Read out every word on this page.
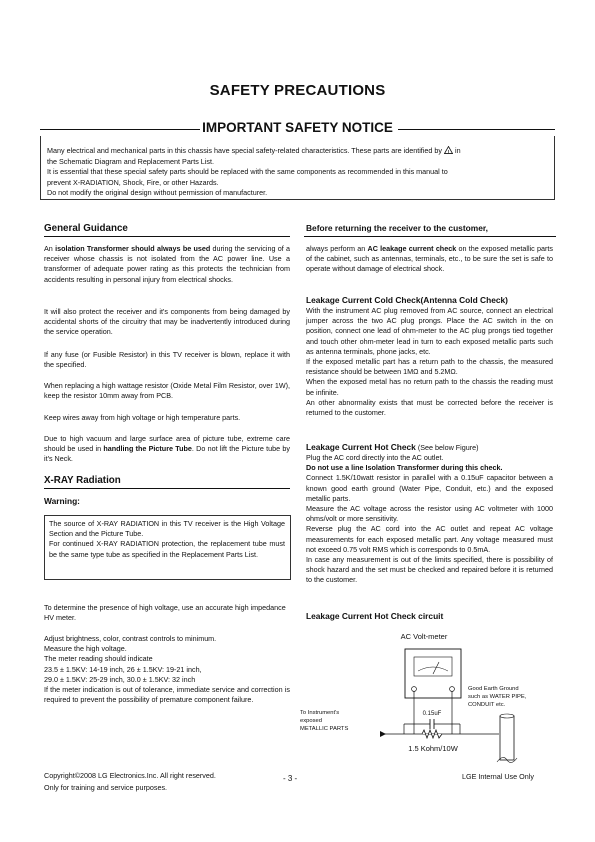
SAFETY PRECAUTIONS
IMPORTANT SAFETY NOTICE
Many electrical and mechanical parts in this chassis have special safety-related characteristics. These parts are identified by ! in
the Schematic Diagram and Replacement Parts List.
It is essential that these special safety parts should be replaced with the same components as recommended in this manual to
prevent X-RADIATION, Shock, Fire, or other Hazards.
Do not modify the original design without permission of manufacturer.
General Guidance

An isolation Transformer should always be used during the servicing of a receiver whose chassis is not isolated from the AC power line. Use a transformer of adequate power rating as this protects the technician from accidents resulting in personal injury from electrical shocks.

It will also protect the receiver and it's components from being damaged by accidental shorts of the circuitry that may be inadvertently introduced during the service operation.
If any fuse (or Fusible Resistor) in this TV receiver is blown, replace it with the specified.
When replacing a high wattage resistor (Oxide Metal Film Resistor, over 1W), keep the resistor 10mm away from PCB.
Keep wires away from high voltage or high temperature parts.
Due to high vacuum and large surface area of picture tube, extreme care should be used in handling the Picture Tube. Do not lift the Picture tube by it's Neck.
X-RAY Radiation
Warning:

The source of X-RAY RADIATION in this TV receiver is the High Voltage Section and the Picture Tube.

For continued X-RAY RADIATION protection, the replacement tube must be the same type tube as specified in the Replacement Parts List.

To determine the presence of high voltage, use an accurate high impedance HV meter.
Adjust brightness, color, contrast controls to minimum.
Measure the high voltage.
The meter reading should indicate
23.5 ± 1.5KV: 14-19 inch, 26 ± 1.5KV: 19-21 inch,
29.0 ± 1.5KV: 25-29 inch, 30.0 ± 1.5KV: 32 inch
If the meter indication is out of tolerance, immediate service and correction is required to prevent the possibility of premature component failure.
Before returning the receiver to the customer,
always perform an AC leakage current check on the exposed metallic parts of the cabinet, such as antennas, terminals, etc., to be sure the set is safe to operate without damage of electrical shock.
Leakage Current Cold Check(Antenna Cold Check)

With the instrument AC plug removed from AC source, connect an electrical jumper across the two AC plug prongs. Place the AC switch in the on position, connect one lead of ohm-meter to the AC plug prongs tied together and touch other ohm-meter lead in turn to each exposed metallic parts such as antenna terminals, phone jacks, etc.

If the exposed metallic part has a return path to the chassis, the measured resistance should be between 1MΩ and 5.2MΩ.

When the exposed metal has no return path to the chassis the reading must be infinite.

An other abnormality exists that must be corrected before the receiver is returned to the customer.

Leakage Current Hot Check (See below Figure)

Plug the AC cord directly into the AC outlet.

Do not use a line Isolation Transformer during this check.

Connect 1.5K/10watt resistor in parallel with a 0.15uF capacitor between a known good earth ground (Water Pipe, Conduit, etc.) and the exposed metallic parts.

Measure the AC voltage across the resistor using AC voltmeter with 1000 ohms/volt or more sensitivity.

Reverse plug the AC cord into the AC outlet and repeat AC voltage measurements for each exposed metallic part. Any voltage measured must not exceed 0.75 volt RMS which is corresponds to 0.5mA.

In case any measurement is out of the limits specified, there is possibility of shock hazard and the set must be checked and repaired before it is returned to the customer.

Leakage Current Hot Check circuit
AC Volt-meter
0.15uF
1.5 Kohm/10W
To Instrument's
exposed
METALLIC PARTS
Good Earth Ground
such as WATER PIPE,
CONDUIT etc.
Copyright©2008 LG Electronics.Inc. All right reserved.
Only for training and service purposes.
- 3 -	LGE Internal Use Only
